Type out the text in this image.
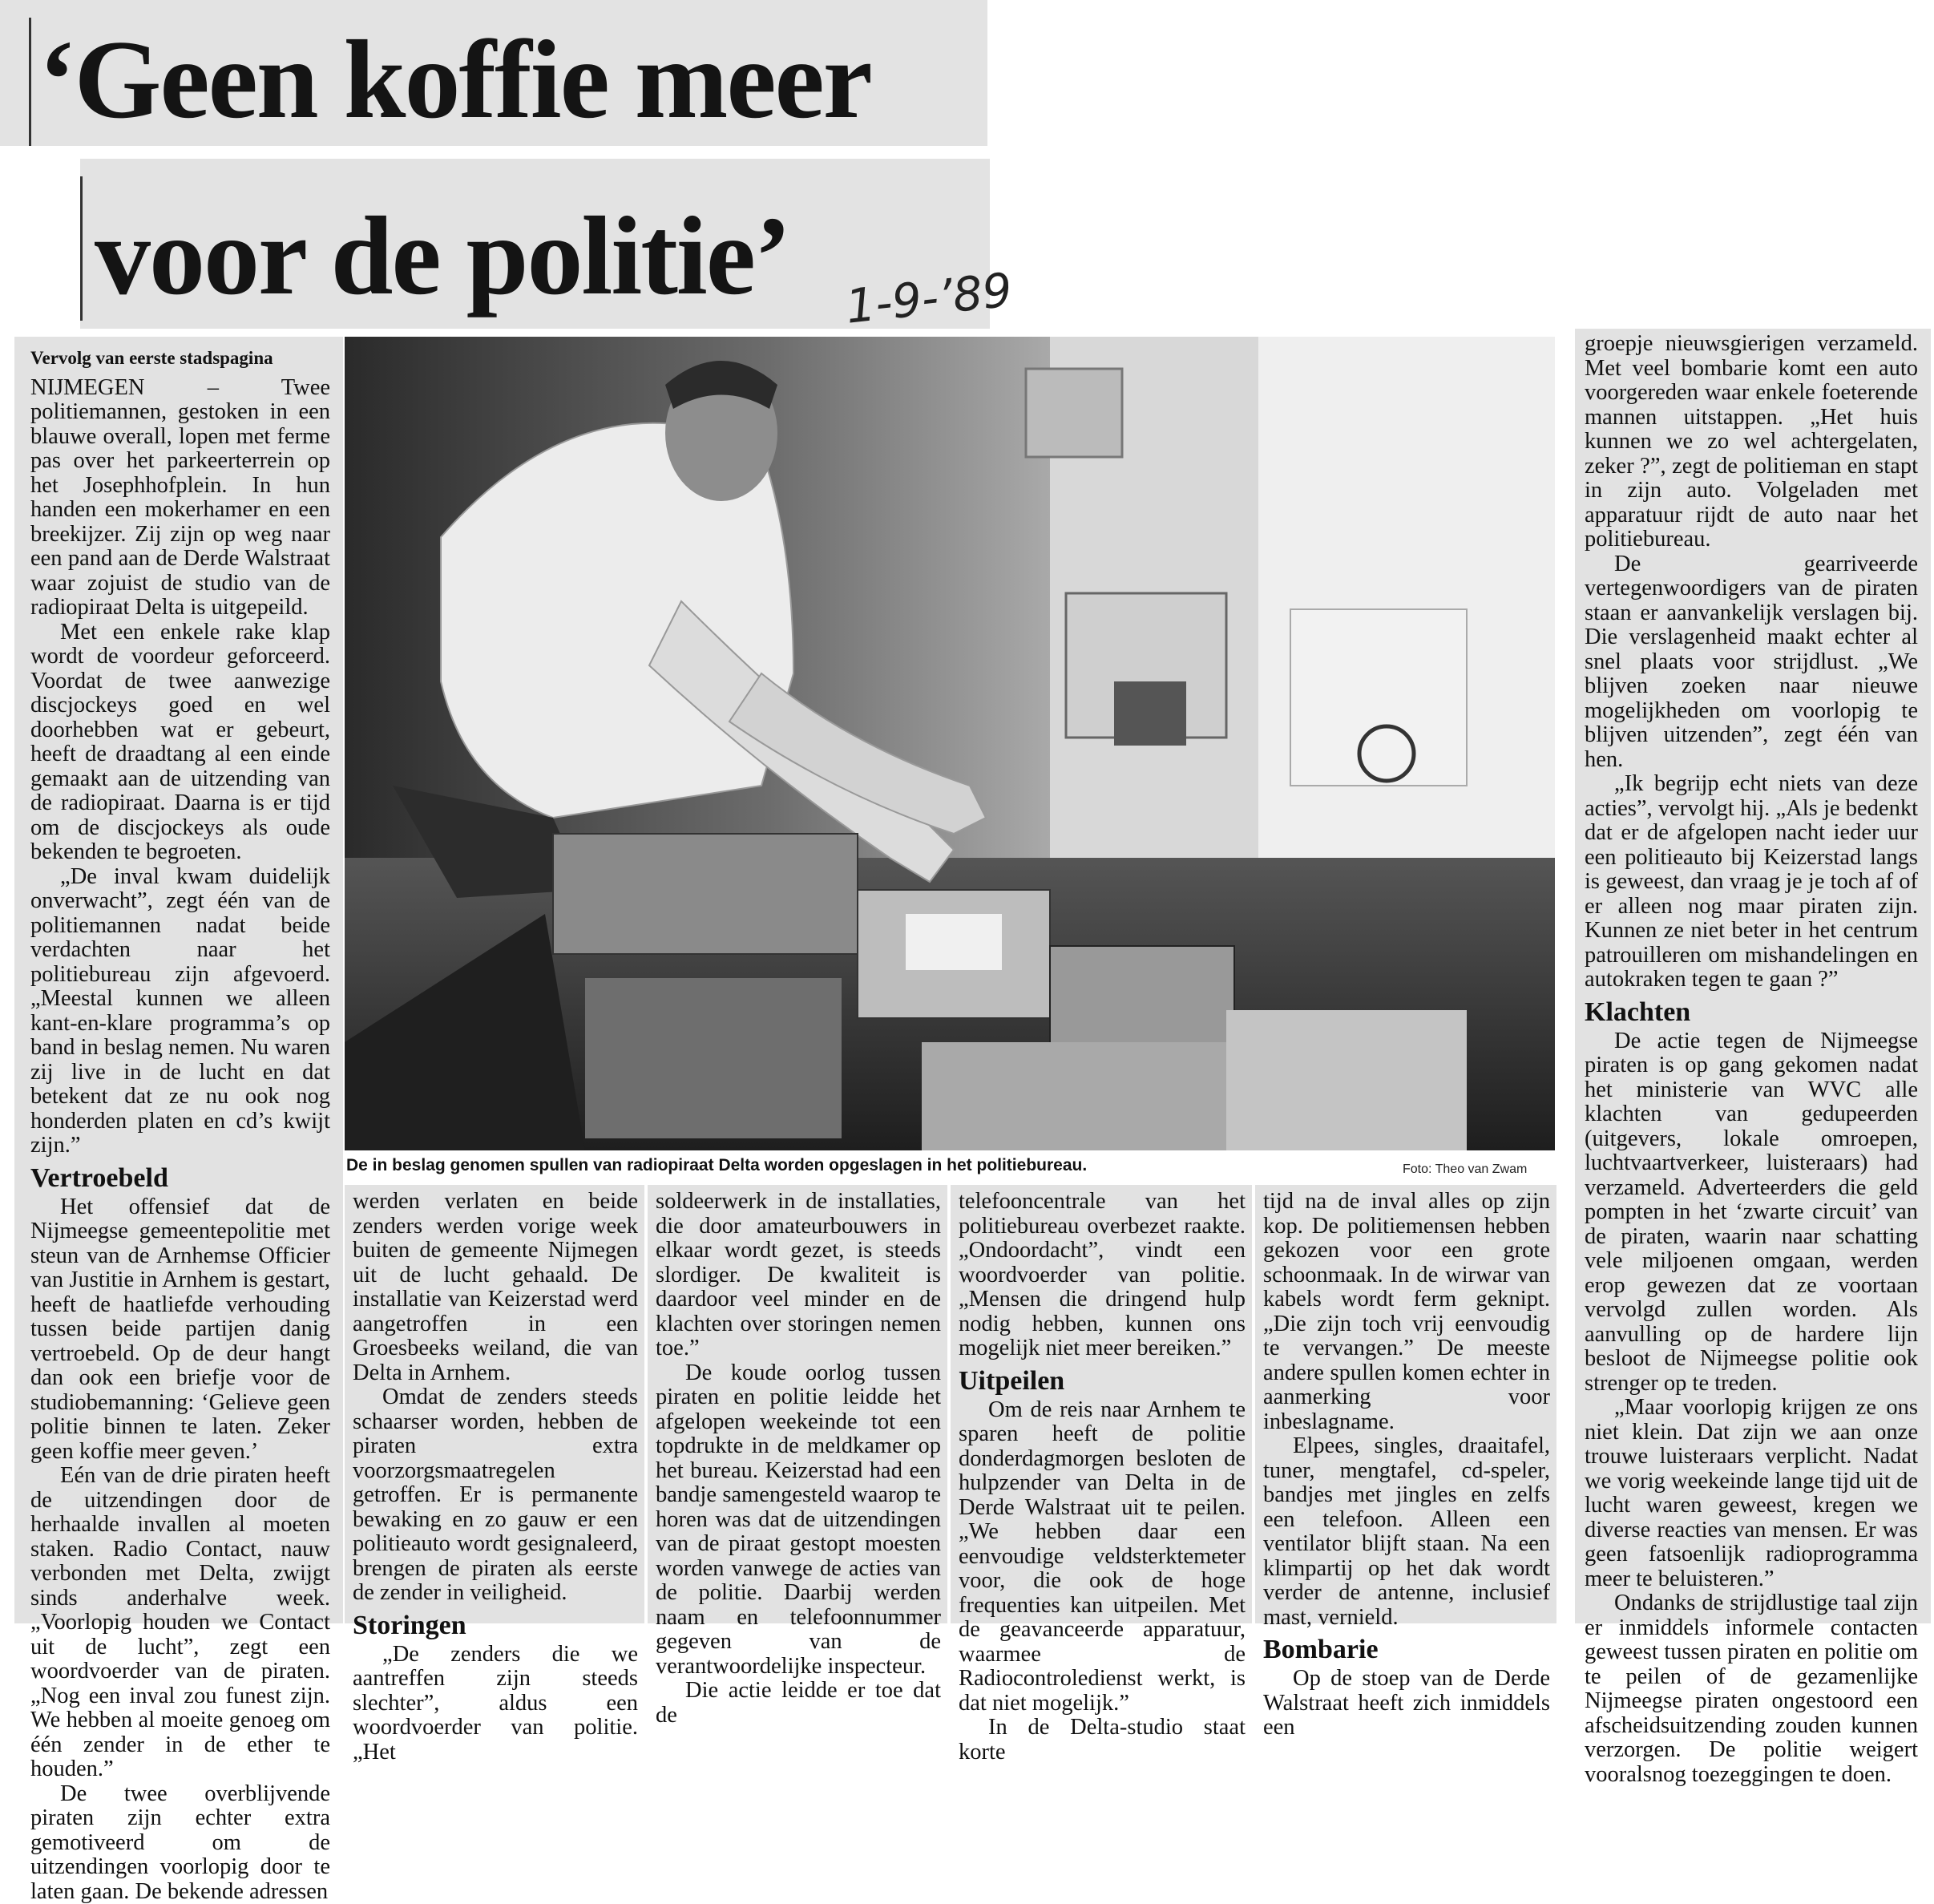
‘Geen koffie meer
voor de politie’ 1-9-’89
Vervolg van eerste stadspagina

NIJMEGEN – Twee politiemannen, gestoken in een blauwe overall, lopen met ferme pas over het parkeerterrein op het Josephhofplein. In hun handen een mokerhamer en een breekijzer. Zij zijn op weg naar een pand aan de Derde Walstraat waar zojuist de studio van de radiopiraat Delta is uitgepeild.

Met een enkele rake klap wordt de voordeur geforceerd. Voordat de twee aanwezige discjockeys goed en wel doorhebben wat er gebeurt, heeft de draadtang al een einde gemaakt aan de uitzending van de radiopiraat. Daarna is er tijd om de discjockeys als oude bekenden te begroeten.

„De inval kwam duidelijk onverwacht”, zegt één van de politiemannen nadat beide verdachten naar het politiebureau zijn afgevoerd. „Meestal kunnen we alleen kant-en-klare programma’s op band in beslag nemen. Nu waren zij live in de lucht en dat betekent dat ze nu ook nog honderden platen en cd’s kwijt zijn.”

Vertroebeld

Het offensief dat de Nijmeegse gemeentepolitie met steun van de Arnhemse Officier van Justitie in Arnhem is gestart, heeft de haatliefde verhouding tussen beide partijen danig vertroebeld. Op de deur hangt dan ook een briefje voor de studiobemanning: ‘Gelieve geen politie binnen te laten. Zeker geen koffie meer geven.’

Eén van de drie piraten heeft de uitzendingen door de herhaalde invallen al moeten staken. Radio Contact, nauw verbonden met Delta, zwijgt sinds anderhalve week. „Voorlopig houden we Contact uit de lucht”, zegt een woordvoerder van de piraten. „Nog een inval zou funest zijn. We hebben al moeite genoeg om één zender in de ether te houden.”

De twee overblijvende piraten zijn echter extra gemotiveerd om de uitzendingen voorlopig door te laten gaan. De bekende adressen

De in beslag genomen spullen van radiopiraat Delta worden opgeslagen in het politiebureau.	Foto: Theo van Zwam

werden verlaten en beide zenders werden vorige week buiten de gemeente Nijmegen uit de lucht gehaald. De installatie van Keizerstad werd aangetroffen in een Groesbeeks weiland, die van Delta in Arnhem.

Omdat de zenders steeds schaarser worden, hebben de piraten extra voorzorgsmaatregelen getroffen. Er is permanente bewaking en zo gauw er een politieauto wordt gesignaleerd, brengen de piraten als eerste de zender in veiligheid.

Storingen

„De zenders die we aantreffen zijn steeds slechter”, aldus een woordvoerder van politie. „Het

soldeerwerk in de installaties, die door amateurbouwers in elkaar wordt gezet, is steeds slordiger. De kwaliteit is daardoor veel minder en de klachten over storingen nemen toe.”

De koude oorlog tussen piraten en politie leidde het afgelopen weekeinde tot een topdrukte in de meldkamer op het bureau. Keizerstad had een bandje samengesteld waarop te horen was dat de uitzendingen van de piraat gestopt moesten worden vanwege de acties van de politie. Daarbij werden naam en telefoonnummer gegeven van de verantwoordelijke inspecteur.

Die actie leidde er toe dat de

telefooncentrale van het politiebureau overbezet raakte. „Ondoordacht”, vindt een woordvoerder van politie. „Mensen die dringend hulp nodig hebben, kunnen ons mogelijk niet meer bereiken.”

Uitpeilen

Om de reis naar Arnhem te sparen heeft de politie donderdagmorgen besloten de hulpzender van Delta in de Derde Walstraat uit te peilen. „We hebben daar een eenvoudige veldsterktemeter voor, die ook de hoge frequenties kan uitpeilen. Met de geavanceerde apparatuur, waarmee de Radiocontroledienst werkt, is dat niet mogelijk.”

In de Delta-studio staat korte

tijd na de inval alles op zijn kop. De politiemensen hebben gekozen voor een grote schoonmaak. In de wirwar van kabels wordt ferm geknipt. „Die zijn toch vrij eenvoudig te vervangen.” De meeste andere spullen komen echter in aanmerking voor inbeslagname.

Elpees, singles, draaitafel, tuner, mengtafel, cd-speler, bandjes met jingles en zelfs een telefoon. Alleen een ventilator blijft staan. Na een klimpartij op het dak wordt verder de antenne, inclusief mast, vernield.

Bombarie

Op de stoep van de Derde Walstraat heeft zich inmiddels een

groepje nieuwsgierigen verzameld. Met veel bombarie komt een auto voorgereden waar enkele foeterende mannen uitstappen. „Het huis kunnen we zo wel achtergelaten, zeker ?”, zegt de politieman en stapt in zijn auto. Volgeladen met apparatuur rijdt de auto naar het politiebureau.

De gearriveerde vertegenwoordigers van de piraten staan er aanvankelijk verslagen bij. Die verslagenheid maakt echter al snel plaats voor strijdlust. „We blijven zoeken naar nieuwe mogelijkheden om voorlopig te blijven uitzenden”, zegt één van hen.

„Ik begrijp echt niets van deze acties”, vervolgt hij. „Als je bedenkt dat er de afgelopen nacht ieder uur een politieauto bij Keizerstad langs is geweest, dan vraag je je toch af of er alleen nog maar piraten zijn. Kunnen ze niet beter in het centrum patrouilleren om mishandelingen en autokraken tegen te gaan ?”

Klachten

De actie tegen de Nijmeegse piraten is op gang gekomen nadat het ministerie van WVC alle klachten van gedupeerden (uitgevers, lokale omroepen, luchtvaartverkeer, luisteraars) had verzameld. Adverteerders die geld pompten in het ‘zwarte circuit’ van de piraten, waarin naar schatting vele miljoenen omgaan, werden erop gewezen dat ze voortaan vervolgd zullen worden. Als aanvulling op de hardere lijn besloot de Nijmeegse politie ook strenger op te treden.

„Maar voorlopig krijgen ze ons niet klein. Dat zijn we aan onze trouwe luisteraars verplicht. Nadat we vorig weekeinde lange tijd uit de lucht waren geweest, kregen we diverse reacties van mensen. Er was geen fatsoenlijk radioprogramma meer te beluisteren.”

Ondanks de strijdlustige taal zijn er inmiddels informele contacten geweest tussen piraten en politie om te peilen of de gezamenlijke Nijmeegse piraten ongestoord een afscheidsuitzending zouden kunnen verzorgen. De politie weigert vooralsnog toezeggingen te doen.
